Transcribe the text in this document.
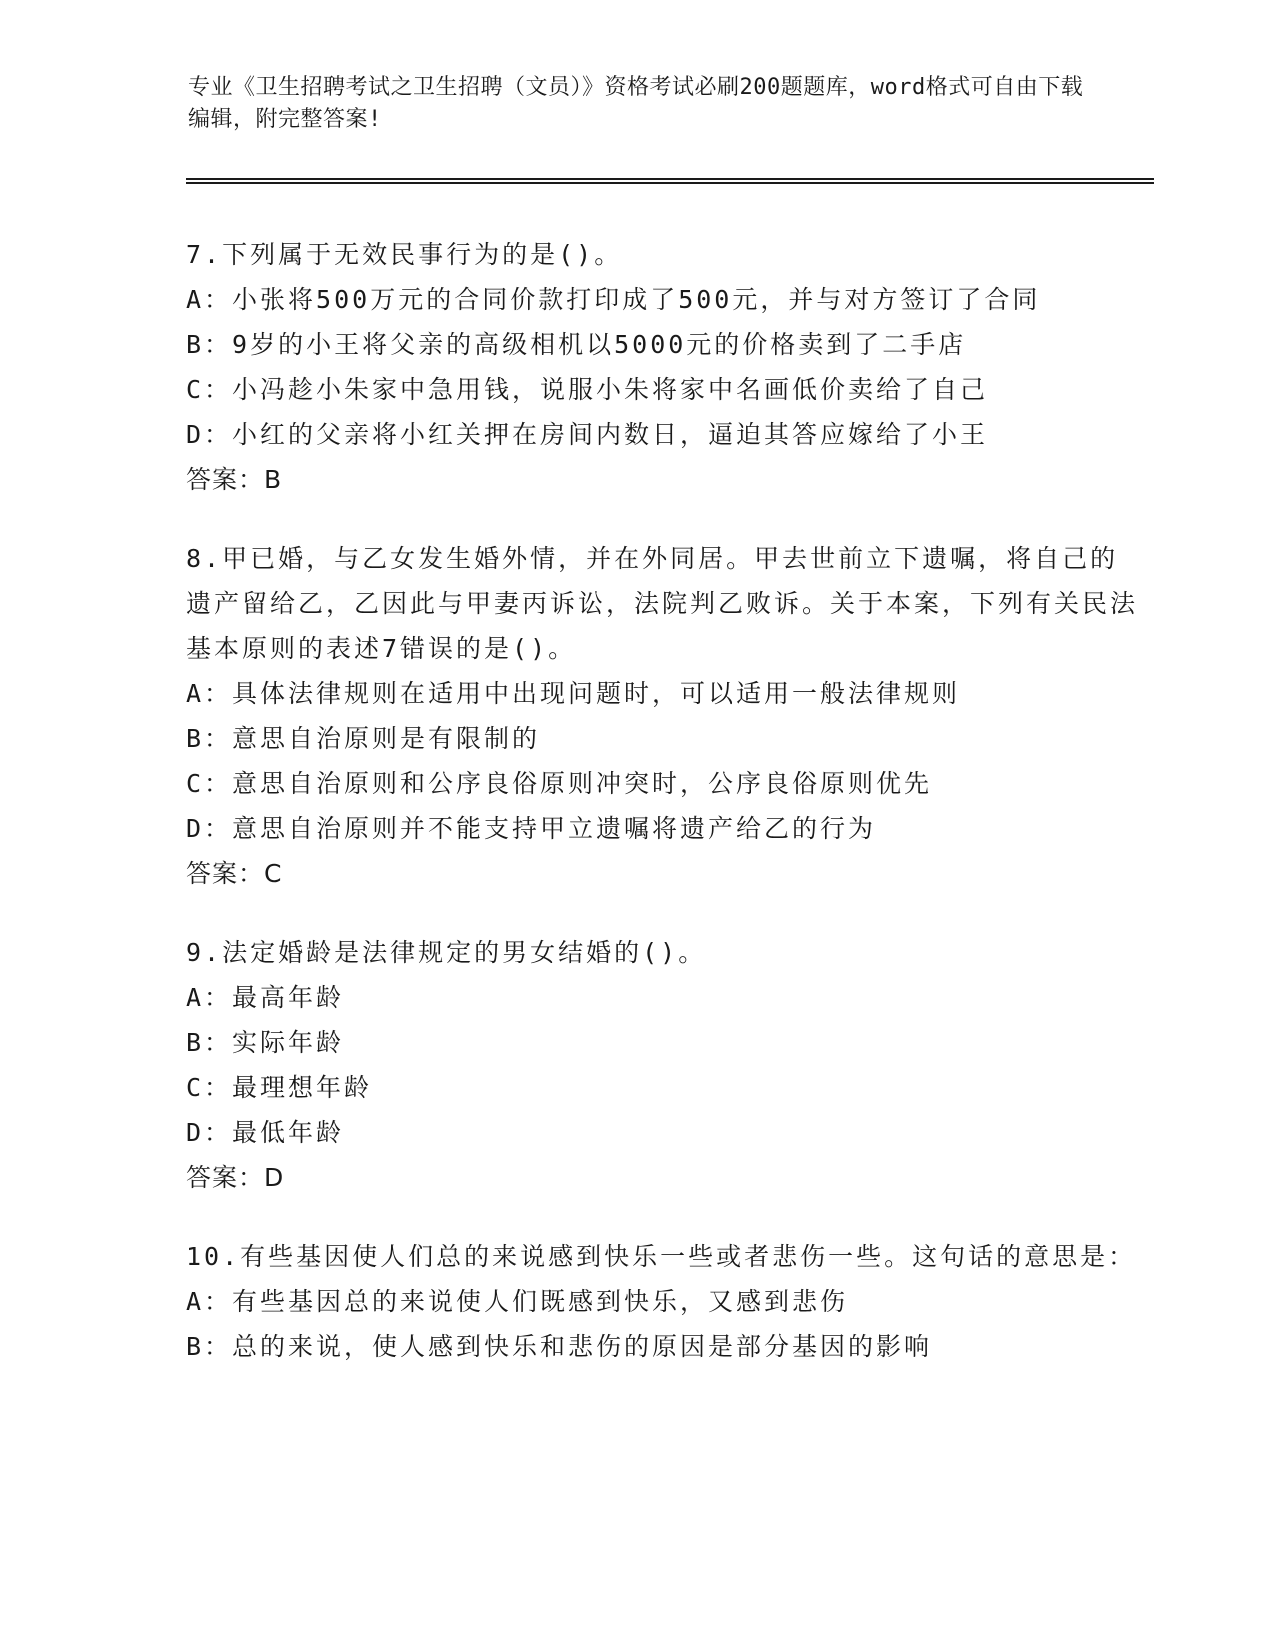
专业《卫生招聘考试之卫生招聘（文员）》资格考试必刷200题题库，word格式可自由下载编辑，附完整答案!
7.下列属于无效民事行为的是()。
A：小张将500万元的合同价款打印成了500元，并与对方签订了合同
B：9岁的小王将父亲的高级相机以5000元的价格卖到了二手店
C：小冯趁小朱家中急用钱，说服小朱将家中名画低价卖给了自己
D：小红的父亲将小红关押在房间内数日，逼迫其答应嫁给了小王
答案：B
8.甲已婚，与乙女发生婚外情，并在外同居。甲去世前立下遗嘱，将自己的遗产留给乙，乙因此与甲妻丙诉讼，法院判乙败诉。关于本案，下列有关民法基本原则的表述7错误的是()。
A：具体法律规则在适用中出现问题时，可以适用一般法律规则
B：意思自治原则是有限制的
C：意思自治原则和公序良俗原则冲突时，公序良俗原则优先
D：意思自治原则并不能支持甲立遗嘱将遗产给乙的行为
答案：C
9.法定婚龄是法律规定的男女结婚的()。
A：最高年龄
B：实际年龄
C：最理想年龄
D：最低年龄
答案：D
10.有些基因使人们总的来说感到快乐一些或者悲伤一些。这句话的意思是：
A：有些基因总的来说使人们既感到快乐，又感到悲伤
B：总的来说，使人感到快乐和悲伤的原因是部分基因的影响
